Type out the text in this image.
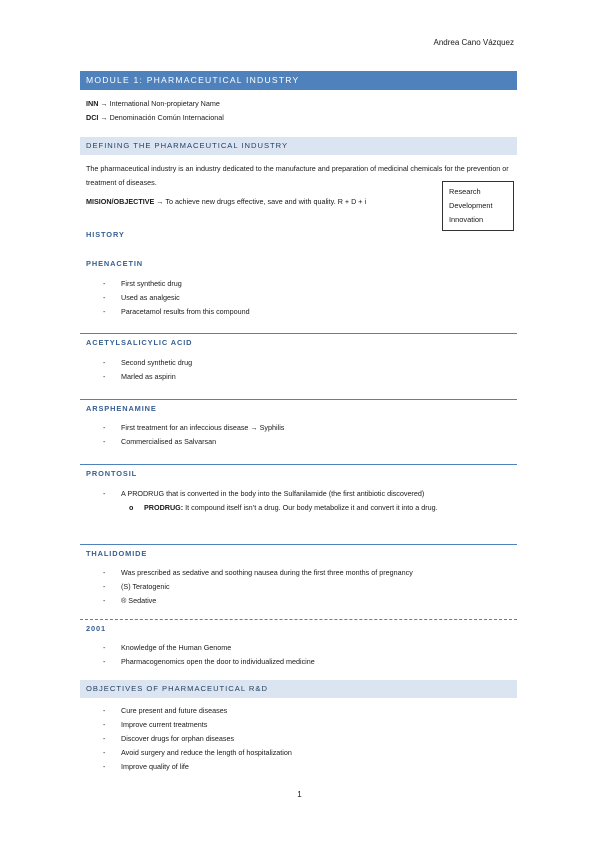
Andrea Cano Vázquez
MODULE 1: PHARMACEUTICAL INDUSTRY
INN → International Non-propietary Name
DCI → Denominación Común Internacional
DEFINING THE PHARMACEUTICAL INDUSTRY
The pharmaceutical industry is an industry dedicated to the manufacture and preparation of medicinal chemicals for the prevention or treatment of diseases.
MISION/OBJECTIVE → To achieve new drugs effective, save and with quality. R + D + i
Research
Development
Innovation
HISTORY
PHENACETIN
- First synthetic drug
- Used as analgesic
- Paracetamol results from this compound
ACETYLSALICYLIC ACID
- Second synthetic drug
- Marled as aspirin
ARSPHENAMINE
- First treatment for an infeccious disease → Syphilis
- Commercialised as Salvarsan
PRONTOSIL
- A PRODRUG that is converted in the body into the Sulfanilamide (the first antibiotic discovered)
o PRODRUG: It compound itself isn’t a drug. Our body metabolize it and convert it into a drug.
THALIDOMIDE
- Was prescribed as sedative and soothing nausea during the first three months of pregnancy
- (S) Teratogenic
- ® Sedative
2001
- Knowledge of the Human Genome
- Pharmacogenomics open the door to individualized medicine
OBJECTIVES OF PHARMACEUTICAL R&D
- Cure present and future diseases
- Improve current treatments
- Discover drugs for orphan diseases
- Avoid surgery and reduce the length of hospitalization
- Improve quality of life
1
